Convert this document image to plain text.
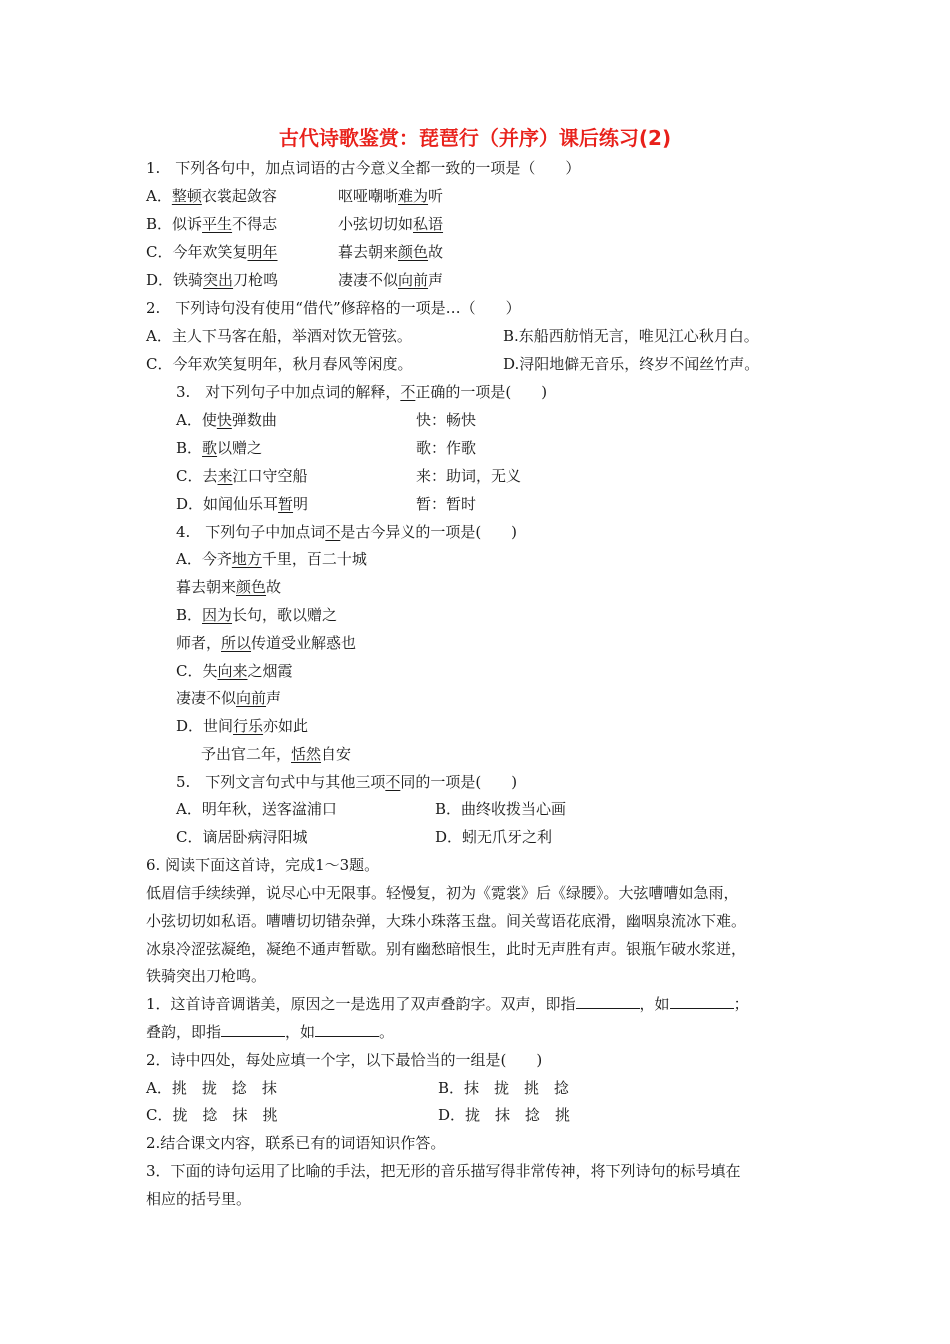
古代诗歌鉴赏：琵琶行（并序）课后练习(2)
1.　下列各句中，加点词语的古今意义全都一致的一项是（　　）
A．整顿衣裳起敛容	呕哑嘲哳难为听
B．似诉平生不得志	小弦切切如私语
C．今年欢笑复明年	暮去朝来颜色故
D．铁骑突出刀枪鸣	凄凄不似向前声
2.　下列诗句没有使用“借代”修辞格的一项是…（　　）
A．主人下马客在船，举酒对饮无管弦。	B.东船西舫悄无言，唯见江心秋月白。
C．今年欢笑复明年，秋月春风等闲度。	D.浔阳地僻无音乐，终岁不闻丝竹声。
3.　对下列句子中加点词的解释，不正确的一项是(　　)
A．使快弹数曲	快：畅快
B．歌以赠之	歌：作歌
C．去来江口守空船	来：助词，无义
D．如闻仙乐耳暂明	暂：暂时
4.　下列句子中加点词不是古今异义的一项是(　　)
A．今齐地方千里，百二十城
暮去朝来颜色故
B．因为长句，歌以赠之
师者，所以传道受业解惑也
C．失向来之烟霞
凄凄不似向前声
D．世间行乐亦如此
予出官二年，恬然自安
5.　下列文言句式中与其他三项不同的一项是(　　)
A．明年秋，送客湓浦口	B．曲终收拨当心画
C．谪居卧病浔阳城	D．蚓无爪牙之利
6. 阅读下面这首诗，完成1～3题。
低眉信手续续弹，说尽心中无限事。轻慢复，初为《霓裳》后《绿腰》。大弦嘈嘈如急雨，
小弦切切如私语。嘈嘈切切错杂弹，大珠小珠落玉盘。间关莺语花底滑，幽咽泉流冰下难。
冰泉冷涩弦凝绝，凝绝不通声暂歇。别有幽愁暗恨生，此时无声胜有声。银瓶乍破水浆迸，
铁骑突出刀枪鸣。
1．这首诗音调谐美，原因之一是选用了双声叠韵字。双声，即指	，如	；
叠韵，即指	，如	。
2．诗中四处，每处应填一个字，以下最恰当的一组是(　　)
A．挑　拢　捻　抹	B．抹　拢　挑　捻
C．拢　捻　抹　挑	D．拢　抹　捻　挑
2.结合课文内容，联系已有的词语知识作答。
3．下面的诗句运用了比喻的手法，把无形的音乐描写得非常传神，将下列诗句的标号填在
相应的括号里。
